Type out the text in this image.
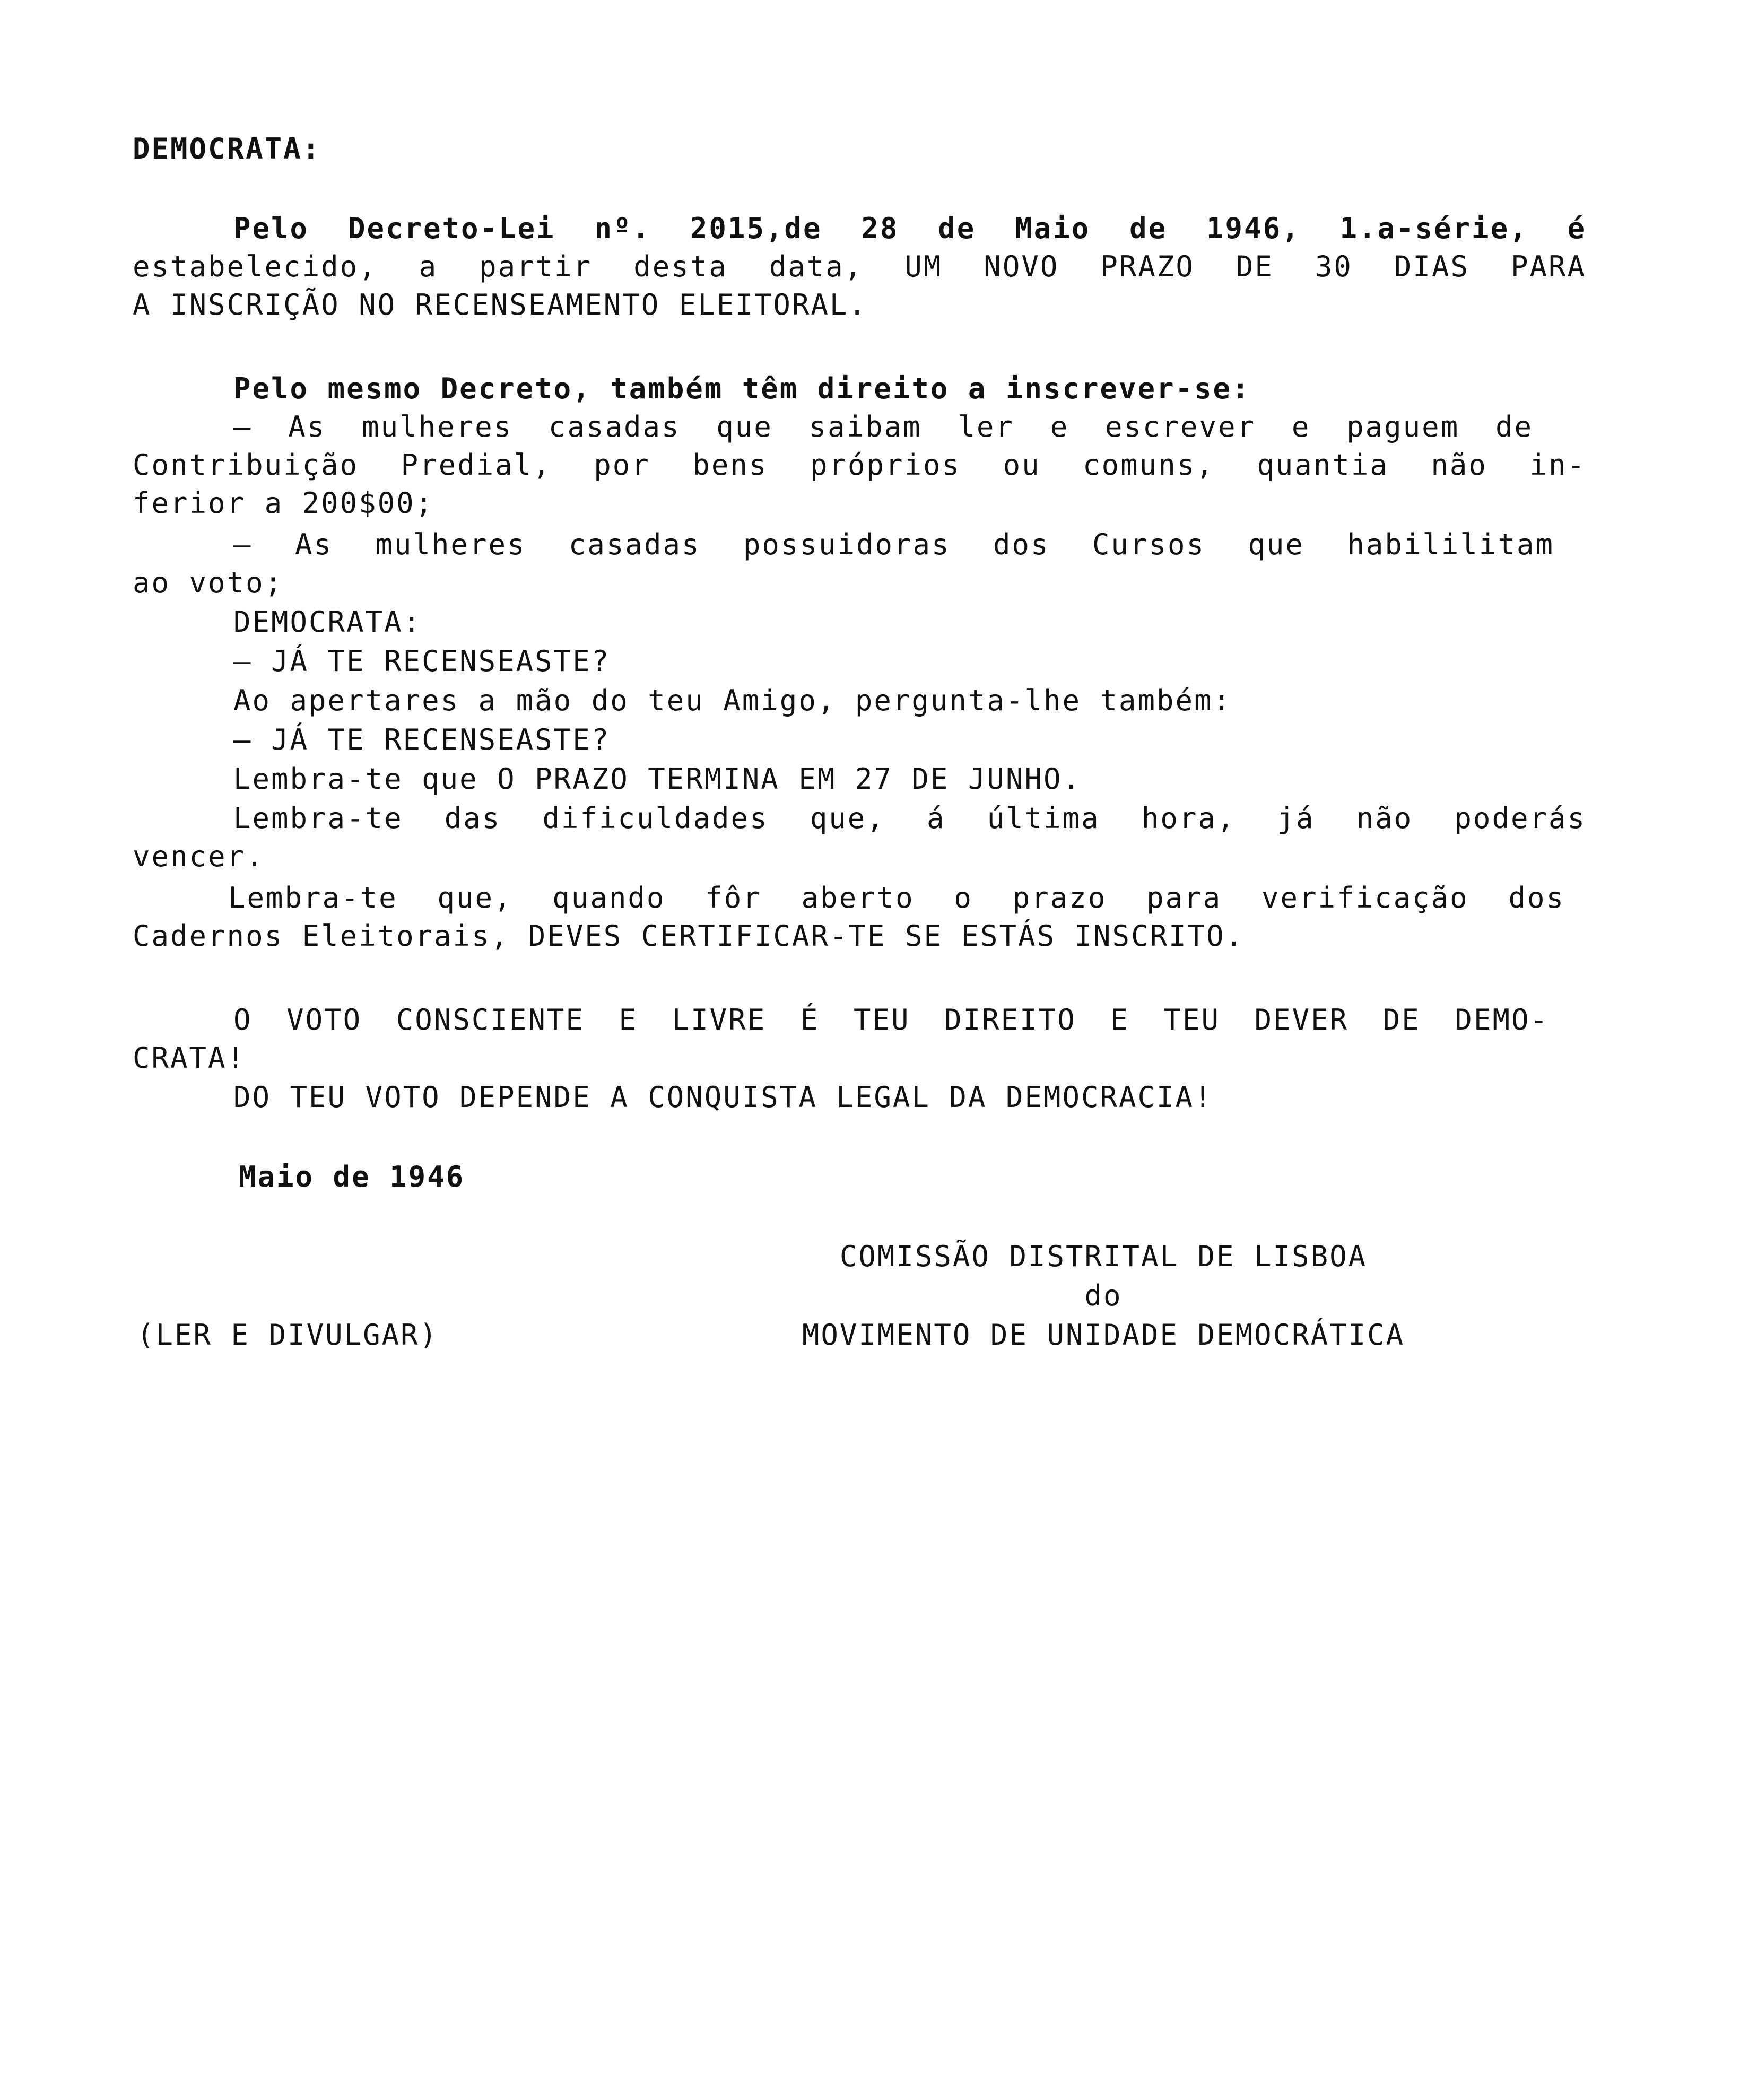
DEMOCRATA:
Pelo Decreto-Lei nº. 2015,de 28 de Maio de 1946, 1.a-série, é
estabelecido, a partir desta data, UM NOVO PRAZO DE 30 DIAS PARA
A INSCRIÇÃO NO RECENSEAMENTO ELEITORAL.
Pelo mesmo Decreto, também têm direito a inscrever-se:
— As mulheres casadas que saibam ler e escrever e paguem de
Contribuição Predial, por bens próprios ou comuns, quantia não in-
ferior a 200$00;
— As mulheres casadas possuidoras dos Cursos que habililitam
ao voto;
DEMOCRATA:
— JÁ TE RECENSEASTE?
Ao apertares a mão do teu Amigo, pergunta-lhe também:
— JÁ TE RECENSEASTE?
Lembra-te que O PRAZO TERMINA EM 27 DE JUNHO.
Lembra-te das dificuldades que, á última hora, já não poderás
vencer.
Lembra-te que, quando fôr aberto o prazo para verificação dos
Cadernos Eleitorais, DEVES CERTIFICAR-TE SE ESTÁS INSCRITO.
O VOTO CONSCIENTE E LIVRE É TEU DIREITO E TEU DEVER DE DEMO-
CRATA!
DO TEU VOTO DEPENDE A CONQUISTA LEGAL DA DEMOCRACIA!
Maio de 1946
COMISSÃO DISTRITAL DE LISBOA
do
MOVIMENTO DE UNIDADE DEMOCRÁTICA
(LER E DIVULGAR)
